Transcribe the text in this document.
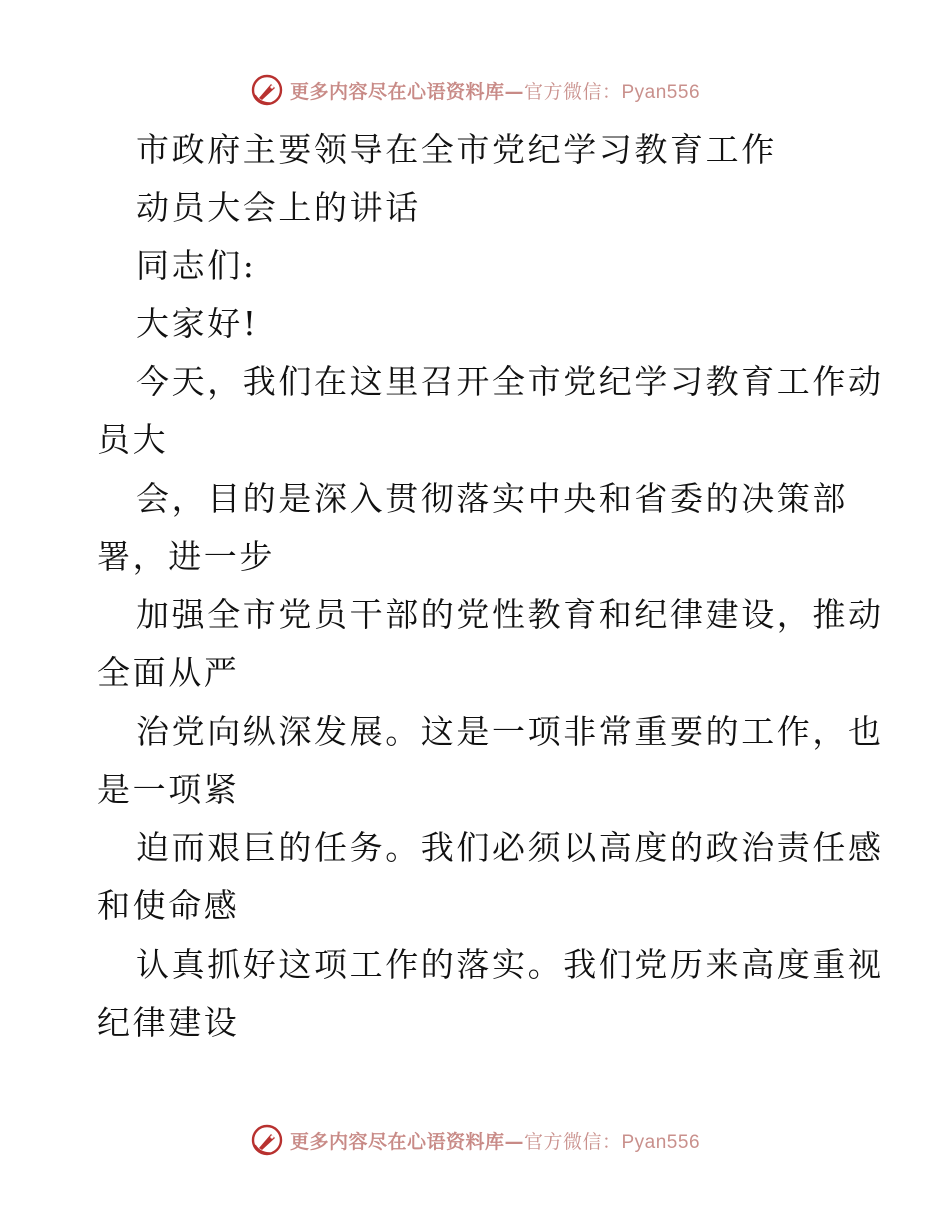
更多内容尽在心语资料库—官方微信：Pyan556
市政府主要领导在全市党纪学习教育工作
动员大会上的讲话
同志们:
大家好!
今天，我们在这里召开全市党纪学习教育工作动
员大
会，目的是深入贯彻落实中央和省委的决策部
署，进一步
加强全市党员干部的党性教育和纪律建设，推动
全面从严
治党向纵深发展。这是一项非常重要的工作，也
是一项紧
迫而艰巨的任务。我们必须以高度的政治责任感
和使命感
认真抓好这项工作的落实。我们党历来高度重视
纪律建设
更多内容尽在心语资料库—官方微信：Pyan556
